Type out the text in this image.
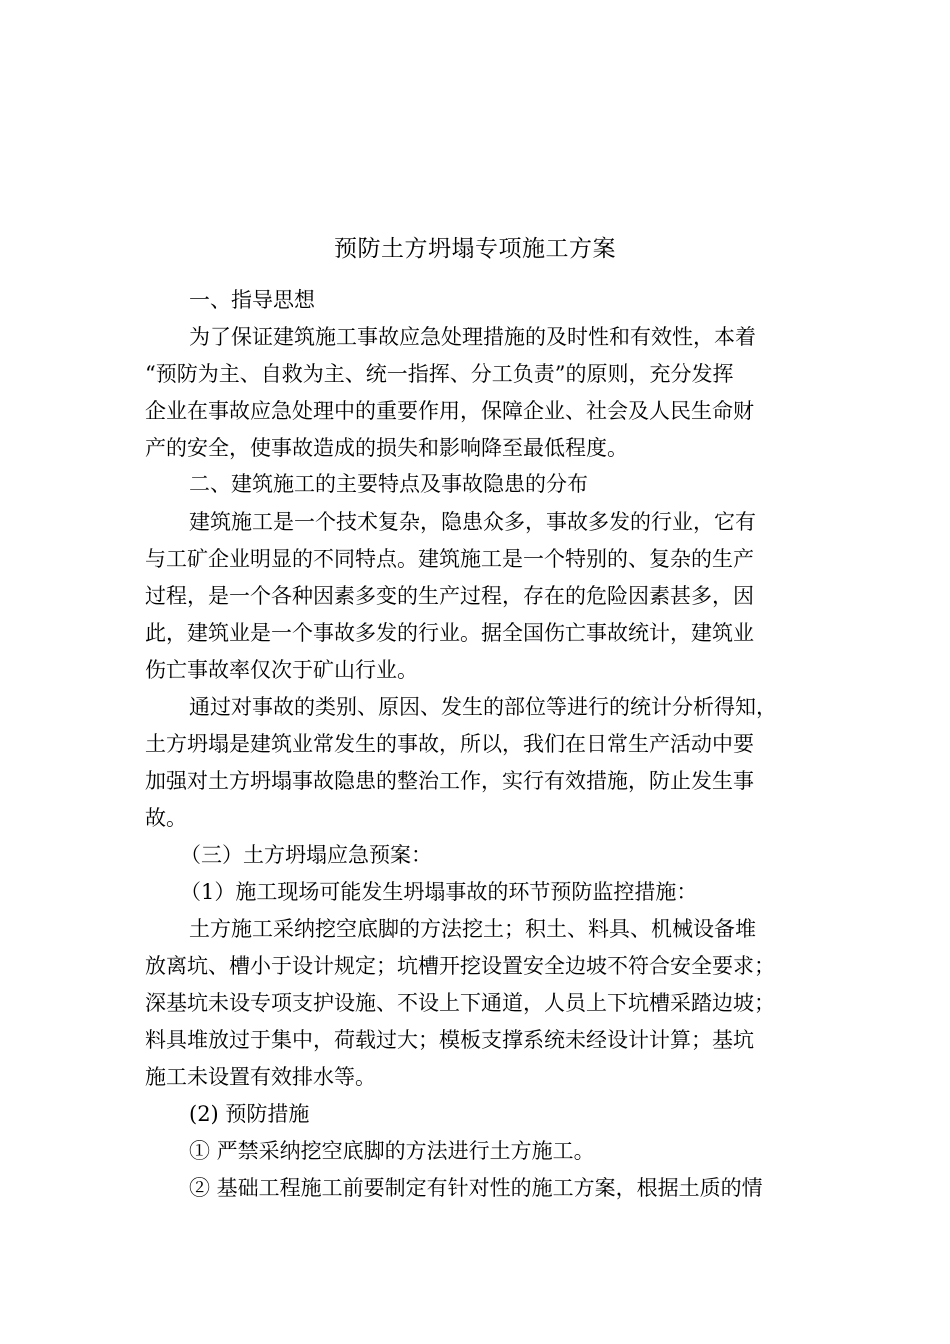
预防土方坍塌专项施工方案
一、指导思想
为了保证建筑施工事故应急处理措施的及时性和有效性，本着
“预防为主、自救为主、统一指挥、分工负责”的原则，充分发挥
企业在事故应急处理中的重要作用，保障企业、社会及人民生命财
产的安全，使事故造成的损失和影响降至最低程度。
二、建筑施工的主要特点及事故隐患的分布
建筑施工是一个技术复杂，隐患众多，事故多发的行业，它有
与工矿企业明显的不同特点。建筑施工是一个特别的、复杂的生产
过程，是一个各种因素多变的生产过程，存在的危险因素甚多，因
此，建筑业是一个事故多发的行业。据全国伤亡事故统计，建筑业
伤亡事故率仅次于矿山行业。
通过对事故的类别、原因、发生的部位等进行的统计分析得知，
土方坍塌是建筑业常发生的事故，所以，我们在日常生产活动中要
加强对土方坍塌事故隐患的整治工作，实行有效措施，防止发生事
故。
（三）土方坍塌应急预案：
（1）施工现场可能发生坍塌事故的环节预防监控措施：
土方施工采纳挖空底脚的方法挖土；积土、料具、机械设备堆
放离坑、槽小于设计规定；坑槽开挖设置安全边坡不符合安全要求；
深基坑未设专项支护设施、不设上下通道，人员上下坑槽采踏边坡；
料具堆放过于集中，荷载过大；模板支撑系统未经设计计算；基坑
施工未设置有效排水等。
(2) 预防措施
① 严禁采纳挖空底脚的方法进行土方施工。
② 基础工程施工前要制定有针对性的施工方案，根据土质的情
